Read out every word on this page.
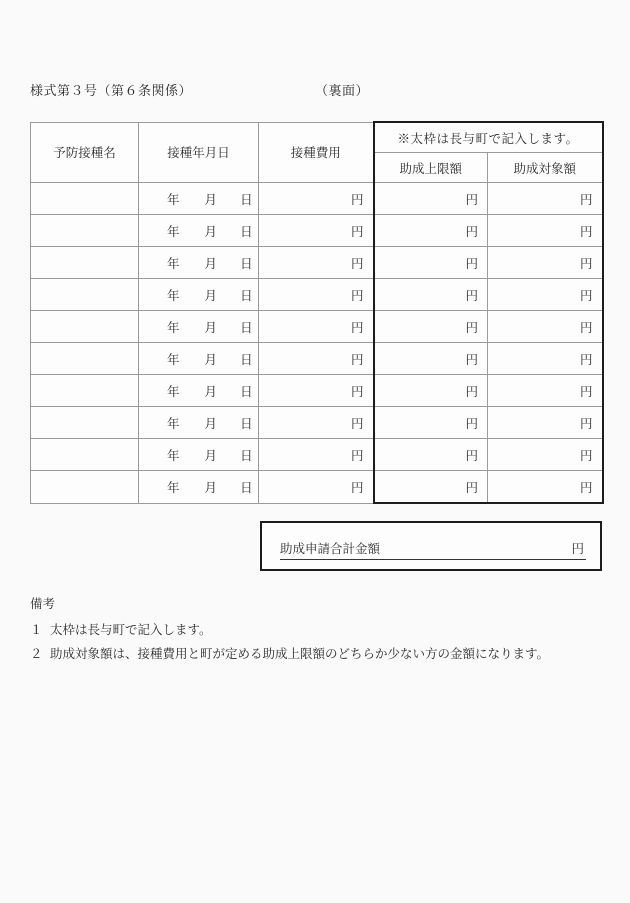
様式第３号（第６条関係）	（裏面）
予防接種名	接種年月日	接種費用	※太枠は長与町で記入します。	
			助成上限額	助成対象額

	年 月 日	円	円	円

	年 月 日	円	円	円

	年 月 日	円	円	円

	年 月 日	円	円	円

	年 月 日	円	円	円

	年 月 日	円	円	円

	年 月 日	円	円	円

	年 月 日	円	円	円

	年 月 日	円	円	円

	年 月 日	円	円	円
助成申請合計金額	円
備考
１ 太枠は長与町で記入します。
２ 助成対象額は、接種費用と町が定める助成上限額のどちらか少ない方の金額になります。
